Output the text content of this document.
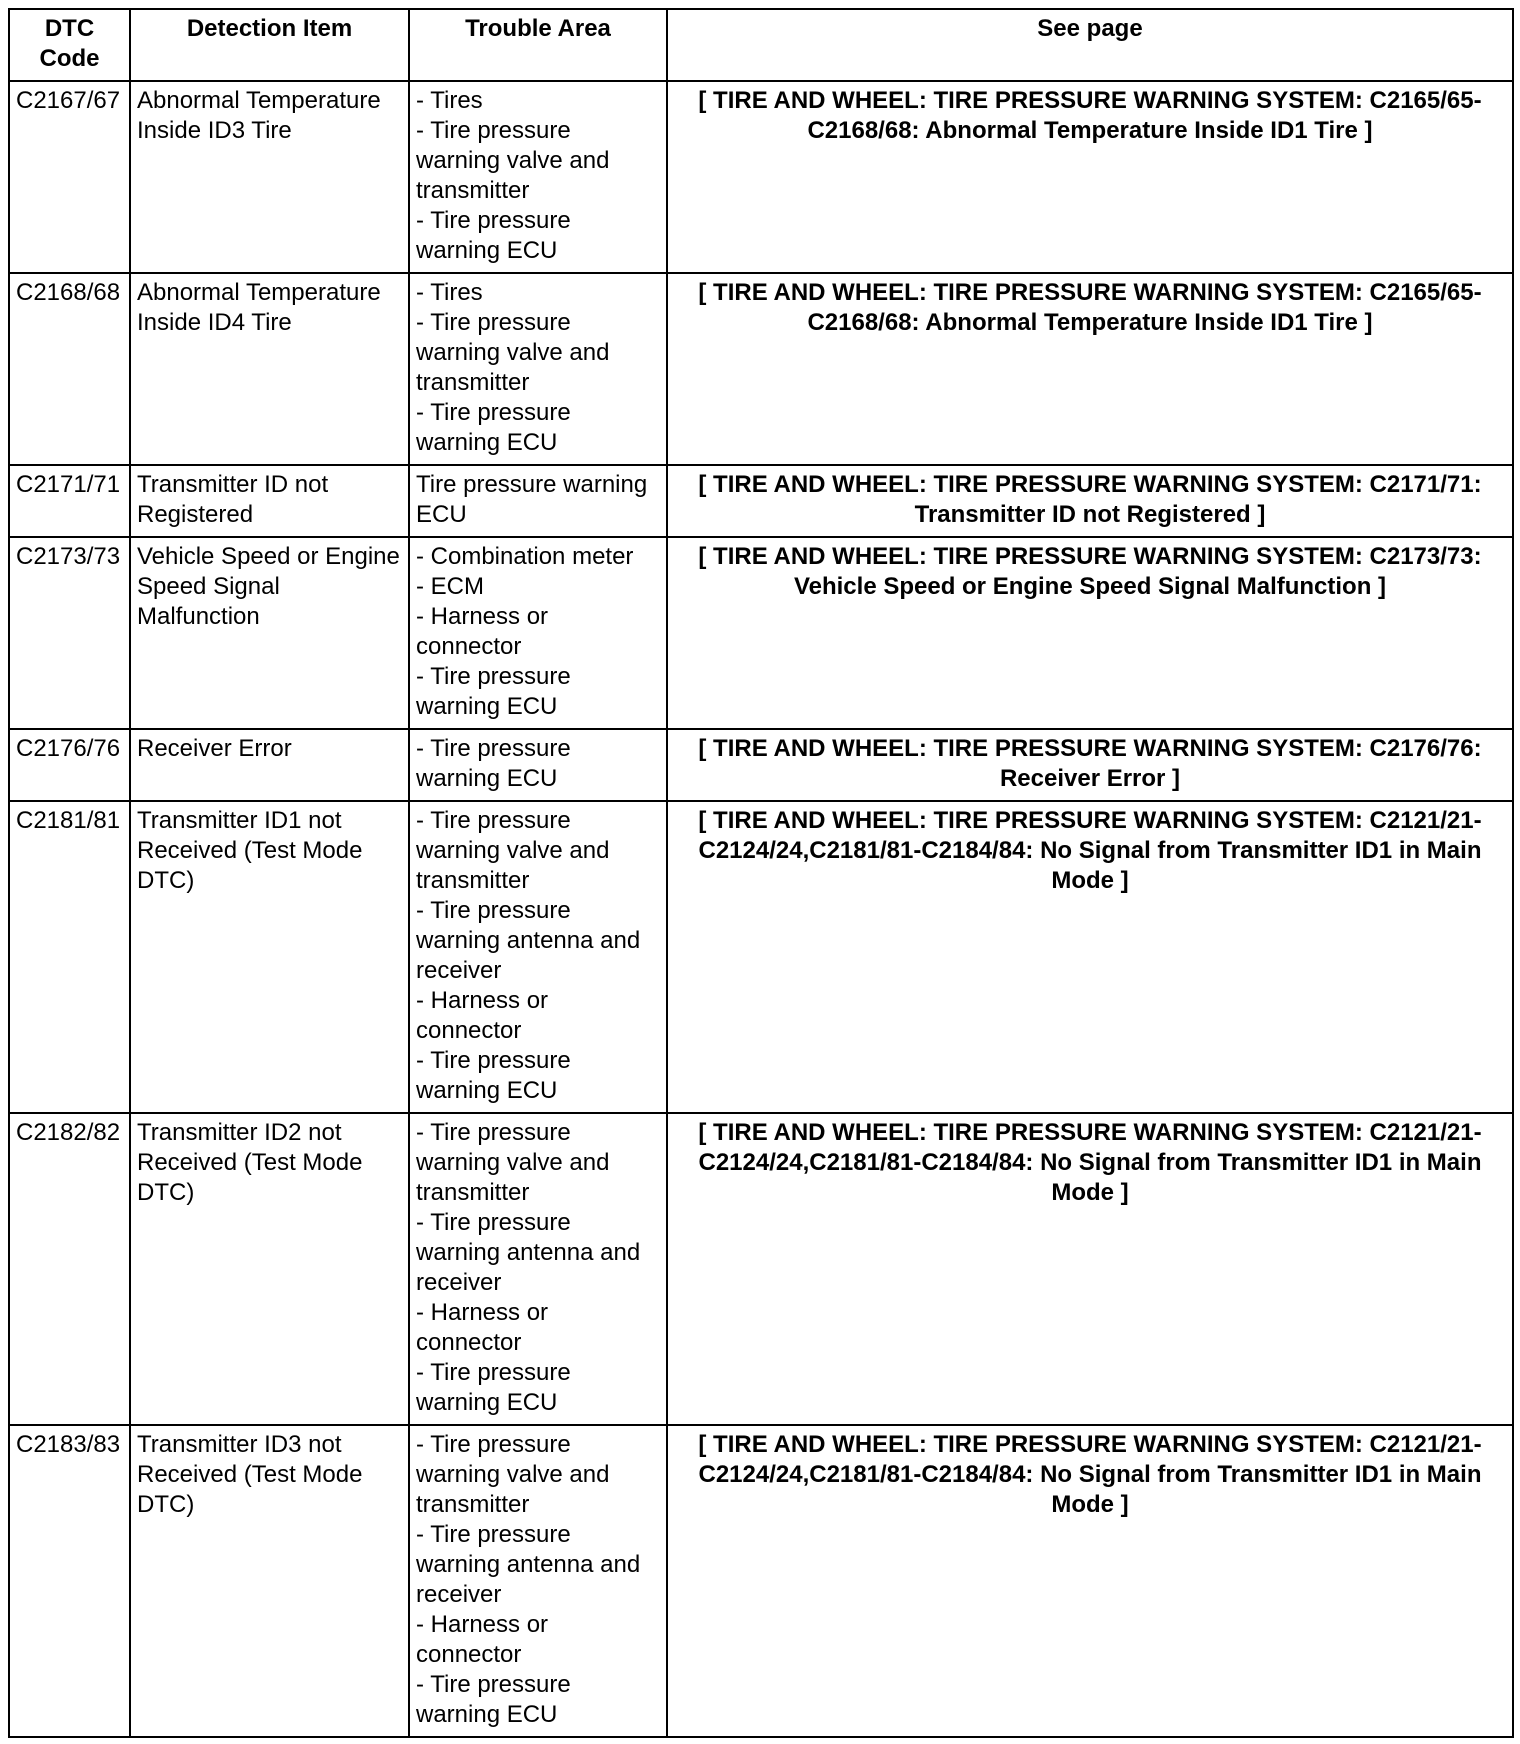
DTC Code	Detection Item	Trouble Area	See page
C2167/67	Abnormal Temperature Inside ID3 Tire	- Tires
- Tire pressure warning valve and transmitter
- Tire pressure warning ECU	[ TIRE AND WHEEL: TIRE PRESSURE WARNING SYSTEM: C2165/65-C2168/68: Abnormal Temperature Inside ID1 Tire ]
C2168/68	Abnormal Temperature Inside ID4 Tire	- Tires
- Tire pressure warning valve and transmitter
- Tire pressure warning ECU	[ TIRE AND WHEEL: TIRE PRESSURE WARNING SYSTEM: C2165/65-C2168/68: Abnormal Temperature Inside ID1 Tire ]
C2171/71	Transmitter ID not Registered	Tire pressure warning ECU	[ TIRE AND WHEEL: TIRE PRESSURE WARNING SYSTEM: C2171/71: Transmitter ID not Registered ]
C2173/73	Vehicle Speed or Engine Speed Signal Malfunction	- Combination meter
- ECM
- Harness or connector
- Tire pressure warning ECU	[ TIRE AND WHEEL: TIRE PRESSURE WARNING SYSTEM: C2173/73: Vehicle Speed or Engine Speed Signal Malfunction ]
C2176/76	Receiver Error	- Tire pressure warning ECU	[ TIRE AND WHEEL: TIRE PRESSURE WARNING SYSTEM: C2176/76: Receiver Error ]
C2181/81	Transmitter ID1 not Received (Test Mode DTC)	- Tire pressure warning valve and transmitter
- Tire pressure warning antenna and receiver
- Harness or connector
- Tire pressure warning ECU	[ TIRE AND WHEEL: TIRE PRESSURE WARNING SYSTEM: C2121/21-C2124/24,C2181/81-C2184/84: No Signal from Transmitter ID1 in Main Mode ]
C2182/82	Transmitter ID2 not Received (Test Mode DTC)	- Tire pressure warning valve and transmitter
- Tire pressure warning antenna and receiver
- Harness or connector
- Tire pressure warning ECU	[ TIRE AND WHEEL: TIRE PRESSURE WARNING SYSTEM: C2121/21-C2124/24,C2181/81-C2184/84: No Signal from Transmitter ID1 in Main Mode ]
C2183/83	Transmitter ID3 not Received (Test Mode DTC)	- Tire pressure warning valve and transmitter
- Tire pressure warning antenna and receiver
- Harness or connector
- Tire pressure warning ECU	[ TIRE AND WHEEL: TIRE PRESSURE WARNING SYSTEM: C2121/21-C2124/24,C2181/81-C2184/84: No Signal from Transmitter ID1 in Main Mode ]
